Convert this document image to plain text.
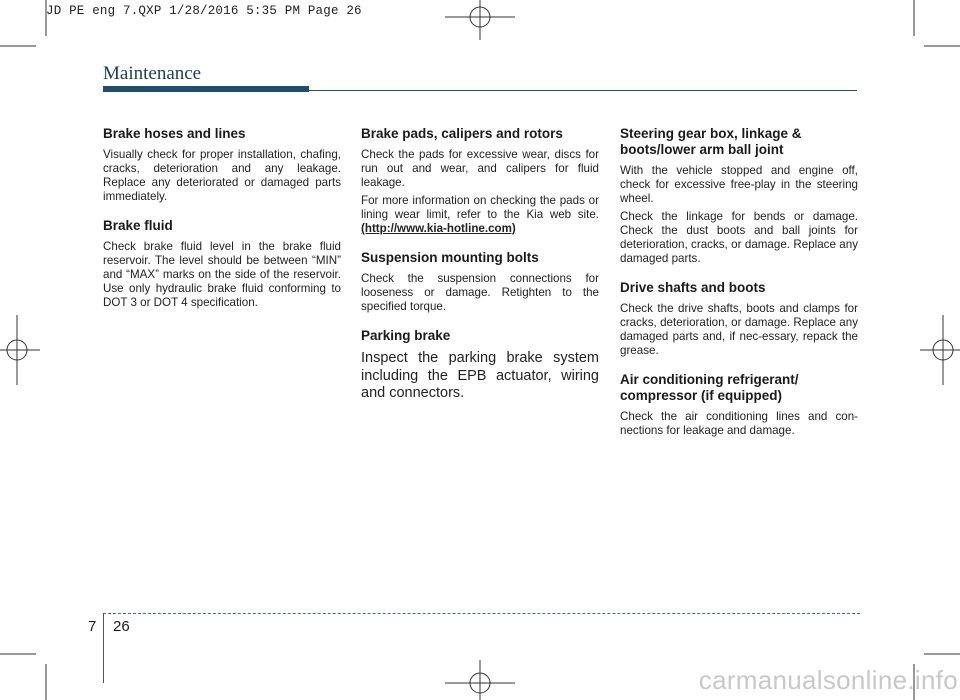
JD PE eng 7.QXP 1/28/2016 5:35 PM Page 26
Maintenance
Brake hoses and lines

Visually check for proper installation, chafing, cracks, deterioration and any leakage. Replace any deteriorated or damaged parts immediately.

Brake fluid

Check brake fluid level in the brake fluid reservoir. The level should be between “MIN” and “MAX” marks on the side of the reservoir. Use only hydraulic brake fluid conforming to DOT 3 or DOT 4 specification.

Brake pads, calipers and rotors

Check the pads for excessive wear, discs for run out and wear, and calipers for fluid leakage.

For more information on checking the pads or lining wear limit, refer to the Kia web site. (http://www.kia-hotline.com)

Suspension mounting bolts

Check the suspension connections for looseness or damage. Retighten to the specified torque.

Parking brake

Inspect the parking brake system including the EPB actuator, wiring and connectors.

Steering gear box, linkage & boots/lower arm ball joint

With the vehicle stopped and engine off, check for excessive free-play in the steering wheel.

Check the linkage for bends or damage. Check the dust boots and ball joints for deterioration, cracks, or damage. Replace any damaged parts.

Drive shafts and boots

Check the drive shafts, boots and clamps for cracks, deterioration, or damage. Replace any damaged parts and, if nec-essary, repack the grease.

Air conditioning refrigerant/ compressor (if equipped)

Check the air conditioning lines and con-nections for leakage and damage.

7 26
carmanualsonline.info
